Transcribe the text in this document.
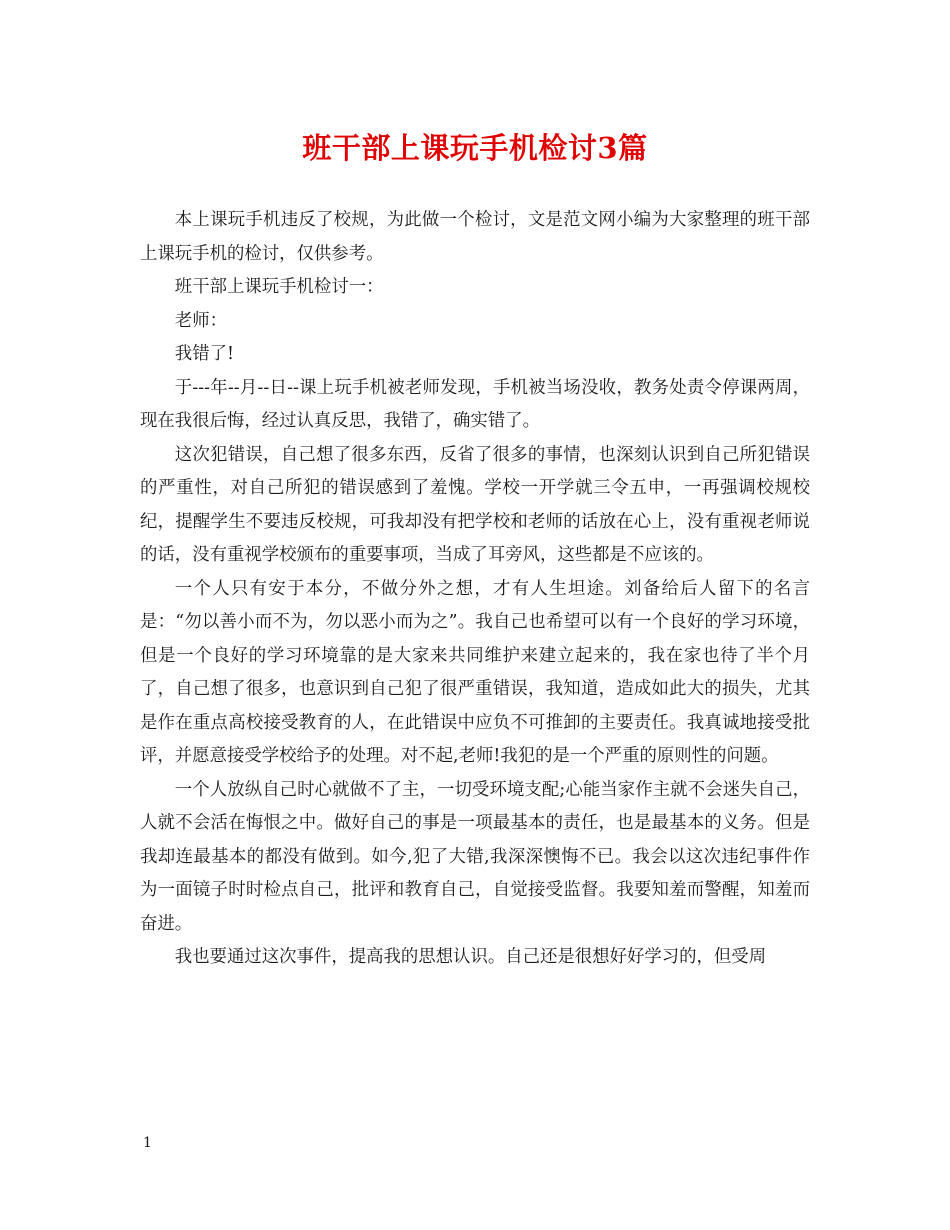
班干部上课玩手机检讨3篇

本上课玩手机违反了校规，为此做一个检讨，文是范文网小编为大家整理的班干部上课玩手机的检讨，仅供参考。

班干部上课玩手机检讨一：

老师：

我错了!

于---年--月--日--课上玩手机被老师发现，手机被当场没收，教务处责令停课两周，现在我很后悔，经过认真反思，我错了，确实错了。

这次犯错误，自己想了很多东西，反省了很多的事情，也深刻认识到自己所犯错误的严重性，对自己所犯的错误感到了羞愧。学校一开学就三令五申，一再强调校规校纪，提醒学生不要违反校规，可我却没有把学校和老师的话放在心上，没有重视老师说的话，没有重视学校颁布的重要事项，当成了耳旁风，这些都是不应该的。

一个人只有安于本分，不做分外之想，才有人生坦途。刘备给后人留下的名言是：“勿以善小而不为，勿以恶小而为之”。我自己也希望可以有一个良好的学习环境，但是一个良好的学习环境靠的是大家来共同维护来建立起来的，我在家也待了半个月了，自己想了很多，也意识到自己犯了很严重错误，我知道，造成如此大的损失，尤其是作在重点高校接受教育的人，在此错误中应负不可推卸的主要责任。我真诚地接受批评，并愿意接受学校给予的处理。对不起,老师!我犯的是一个严重的原则性的问题。

一个人放纵自己时心就做不了主，一切受环境支配;心能当家作主就不会迷失自己，人就不会活在悔恨之中。做好自己的事是一项最基本的责任，也是最基本的义务。但是我却连最基本的都没有做到。如今,犯了大错,我深深懊悔不已。我会以这次违纪事件作为一面镜子时时检点自己，批评和教育自己，自觉接受监督。我要知羞而警醒，知羞而奋进。

我也要通过这次事件，提高我的思想认识。自己还是很想好好学习的，但受周

1
